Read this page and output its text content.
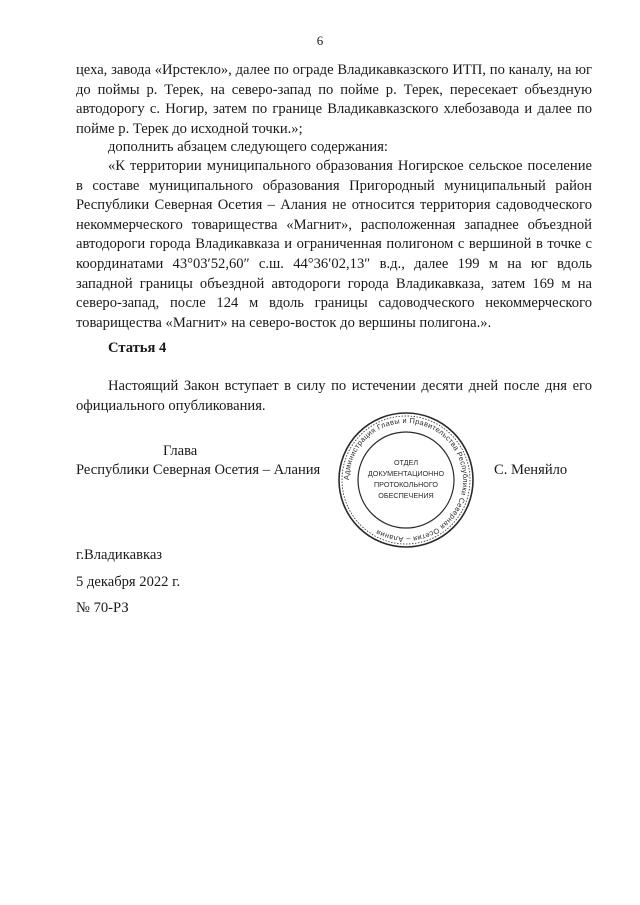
6

цеха, завода «Ирстекло», далее по ограде Владикавказского ИТП, по каналу, на юг до поймы р. Терек, на северо-запад по пойме р. Терек, пересекает объездную автодорогу с. Ногир, затем по границе Владикавказского хлебозавода и далее по пойме р. Терек до исходной точки.»;

дополнить абзацем следующего содержания:

«К территории муниципального образования Ногирское сельское поселение в составе муниципального образования Пригородный муниципальный район Республики Северная Осетия – Алания не относится территория садоводческого некоммерческого товарищества «Магнит», расположенная западнее объездной автодороги города Владикавказа и ограниченная полигоном с вершиной в точке с координатами 43°03′52,60″ с.ш. 44°36′02,13″ в.д., далее 199 м на юг вдоль западной границы объездной автодороги города Владикавказа, затем 169 м на северо-запад, после 124 м вдоль границы садоводческого некоммерческого товарищества «Магнит» на северо-восток до вершины полигона.».

Статья 4

Настоящий Закон вступает в силу по истечении десяти дней после дня его официального опубликования.

Глава
Республики Северная Осетия – Алания	С. Меняйло
Администрация Главы и Правительства Республики Северная Осетия – Алания
ОТДЕЛ
ДОКУМЕНТАЦИОННО
ПРОТОКОЛЬНОГО
ОБЕСПЕЧЕНИЯ
г.Владикавказ
5 декабря 2022 г.
№ 70-РЗ
